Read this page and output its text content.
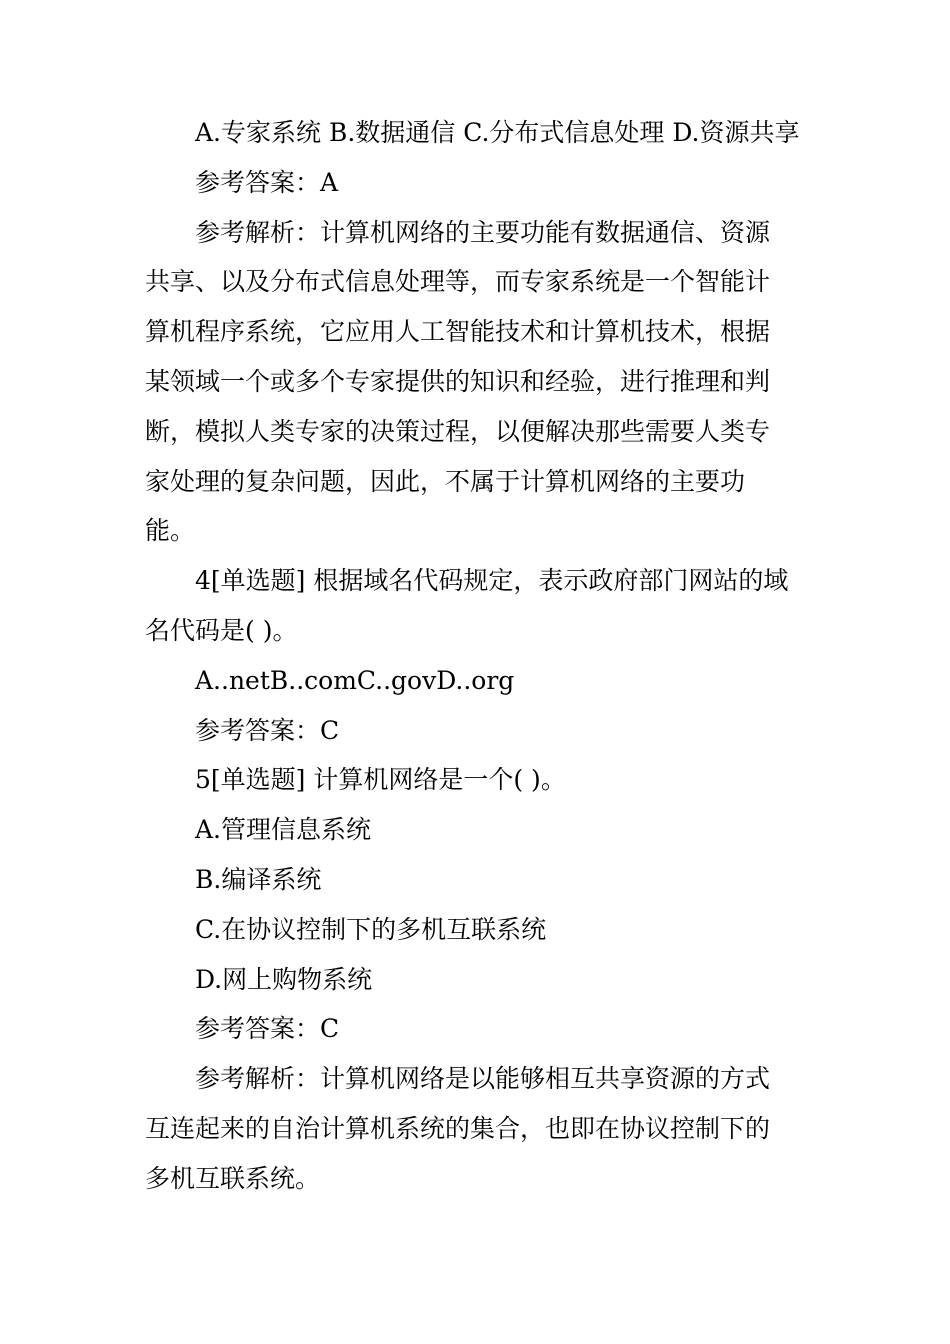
A.专家系统 B.数据通信 C.分布式信息处理 D.资源共享

参考答案：A

参考解析：计算机网络的主要功能有数据通信、资源
共享、以及分布式信息处理等，而专家系统是一个智能计
算机程序系统，它应用人工智能技术和计算机技术，根据
某领域一个或多个专家提供的知识和经验，进行推理和判
断，模拟人类专家的决策过程，以便解决那些需要人类专
家处理的复杂问题，因此，不属于计算机网络的主要功
能。
4[单选题] 根据域名代码规定，表示政府部门网站的域
名代码是( )。

A..netB..comC..govD..org

参考答案：C

5[单选题] 计算机网络是一个( )。

A.管理信息系统

B.编译系统

C.在协议控制下的多机互联系统

D.网上购物系统

参考答案：C

参考解析：计算机网络是以能够相互共享资源的方式
互连起来的自治计算机系统的集合，也即在协议控制下的
多机互联系统。
